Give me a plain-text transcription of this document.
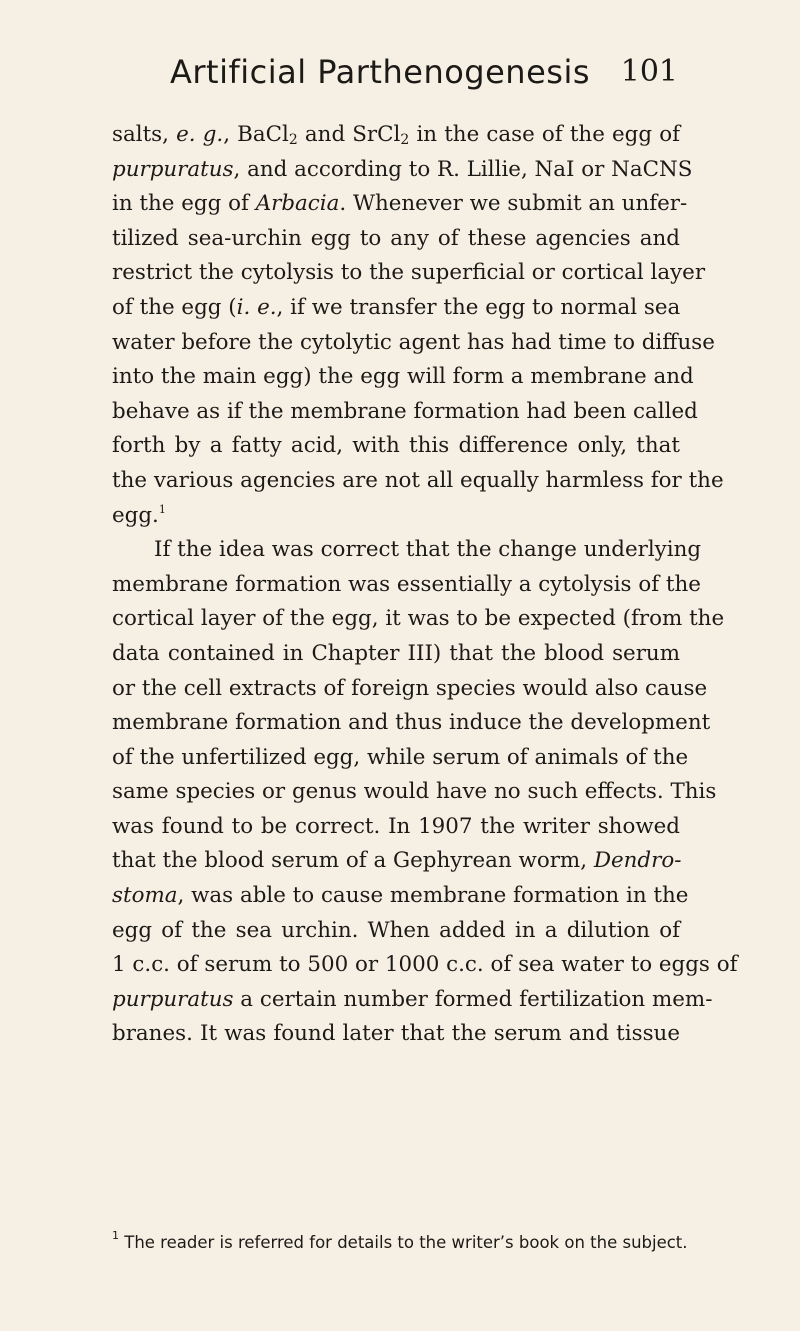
Artificial Parthenogenesis 101
salts, e. g., BaCl$_2$ and SrCl$_2$ in the case of the egg of
purpuratus, and according to R. Lillie, NaI or NaCNS
in the egg of Arbacia. Whenever we submit an unfer-
tilized sea-urchin egg to any of these agencies and
restrict the cytolysis to the superficial or cortical layer
of the egg (i. e., if we transfer the egg to normal sea
water before the cytolytic agent has had time to diffuse
into the main egg) the egg will form a membrane and
behave as if the membrane formation had been called
forth by a fatty acid, with this difference only, that
the various agencies are not all equally harmless for the
egg.$^1$
If the idea was correct that the change underlying
membrane formation was essentially a cytolysis of the
cortical layer of the egg, it was to be expected (from the
data contained in Chapter III) that the blood serum
or the cell extracts of foreign species would also cause
membrane formation and thus induce the development
of the unfertilized egg, while serum of animals of the
same species or genus would have no such effects. This
was found to be correct. In 1907 the writer showed
that the blood serum of a Gephyrean worm, Dendro-
stoma, was able to cause membrane formation in the
egg of the sea urchin. When added in a dilution of
1 c.c. of serum to 500 or 1000 c.c. of sea water to eggs of
purpuratus a certain number formed fertilization mem-
branes. It was found later that the serum and tissue
$^1$ The reader is referred for details to the writer’s book on the subject.
